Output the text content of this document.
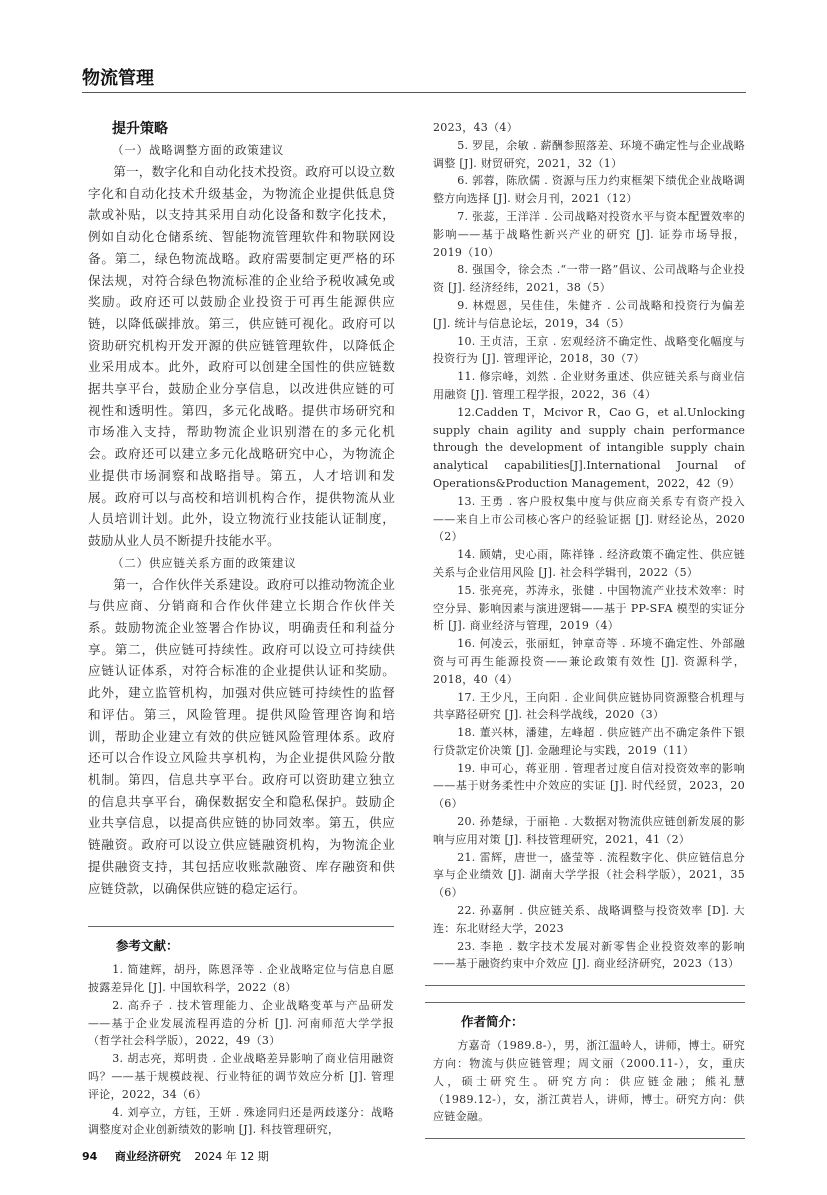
物流管理
提升策略
（一）战略调整方面的政策建议

第一，数字化和自动化技术投资。政府可以设立数字化和自动化技术升级基金，为物流企业提供低息贷款或补贴，以支持其采用自动化设备和数字化技术，例如自动化仓储系统、智能物流管理软件和物联网设备。第二，绿色物流战略。政府需要制定更严格的环保法规，对符合绿色物流标准的企业给予税收减免或奖励。政府还可以鼓励企业投资于可再生能源供应链，以降低碳排放。第三，供应链可视化。政府可以资助研究机构开发开源的供应链管理软件，以降低企业采用成本。此外，政府可以创建全国性的供应链数据共享平台，鼓励企业分享信息，以改进供应链的可视性和透明性。第四，多元化战略。提供市场研究和市场准入支持，帮助物流企业识别潜在的多元化机会。政府还可以建立多元化战略研究中心，为物流企业提供市场洞察和战略指导。第五，人才培训和发展。政府可以与高校和培训机构合作，提供物流从业人员培训计划。此外，设立物流行业技能认证制度，鼓励从业人员不断提升技能水平。

（二）供应链关系方面的政策建议

第一，合作伙伴关系建设。政府可以推动物流企业与供应商、分销商和合作伙伴建立长期合作伙伴关系。鼓励物流企业签署合作协议，明确责任和利益分享。第二，供应链可持续性。政府可以设立可持续供应链认证体系，对符合标准的企业提供认证和奖励。此外，建立监管机构，加强对供应链可持续性的监督和评估。第三，风险管理。提供风险管理咨询和培训，帮助企业建立有效的供应链风险管理体系。政府还可以合作设立风险共享机构，为企业提供风险分散机制。第四，信息共享平台。政府可以资助建立独立的信息共享平台，确保数据安全和隐私保护。鼓励企业共享信息，以提高供应链的协同效率。第五，供应链融资。政府可以设立供应链融资机构，为物流企业提供融资支持，其包括应收账款融资、库存融资和供应链贷款，以确保供应链的稳定运行。

参考文献：

1. 简建辉，胡丹，陈恩泽等 . 企业战略定位与信息自愿披露差异化 [J]. 中国软科学，2022（8）

2. 高乔子 . 技术管理能力、企业战略变革与产品研发——基于企业发展流程再造的分析 [J]. 河南师范大学学报（哲学社会科学版），2022，49（3）

3. 胡志亮，郑明贵 . 企业战略差异影响了商业信用融资吗？——基于规模歧视、行业特征的调节效应分析 [J]. 管理评论，2022，34（6）

4. 刘亭立，方钰，王妍 . 殊途同归还是两歧遂分：战略调整度对企业创新绩效的影响 [J]. 科技管理研究，

2023，43（4）

5. 罗昆，余敏 . 薪酬参照落差、环境不确定性与企业战略调整 [J]. 财贸研究，2021，32（1）

6. 郭蓉，陈欣儒 . 资源与压力约束框架下绩优企业战略调整方向选择 [J]. 财会月刊，2021（12）

7. 张蕊，王洋洋 . 公司战略对投资水平与资本配置效率的影响——基于战略性新兴产业的研究 [J]. 证券市场导报，2019（10）

8. 强国令，徐会杰 .“一带一路”倡议、公司战略与企业投资 [J]. 经济经纬，2021，38（5）

9. 林煜恩，吴佳佳，朱健齐 . 公司战略和投资行为偏差 [J]. 统计与信息论坛，2019，34（5）

10. 王贞洁，王京 . 宏观经济不确定性、战略变化幅度与投资行为 [J]. 管理评论，2018，30（7）

11. 修宗峰，刘然 . 企业财务重述、供应链关系与商业信用融资 [J]. 管理工程学报，2022，36（4）

12.Cadden T，Mcivor R，Cao G，et al.Unlocking supply chain agility and supply chain performance through the development of intangible supply chain analytical capabilities[J].International Journal of Operations&Production Management，2022，42（9）

13. 王勇 . 客户股权集中度与供应商关系专有资产投入——来自上市公司核心客户的经验证据 [J]. 财经论丛，2020（2）

14. 顾婧，史心雨，陈祥锋 . 经济政策不确定性、供应链关系与企业信用风险 [J]. 社会科学辑刊，2022（5）

15. 张亮亮，苏涛永，张健 . 中国物流产业技术效率：时空分异、影响因素与演进逻辑——基于 PP-SFA 模型的实证分析 [J]. 商业经济与管理，2019（4）

16. 何凌云，张丽虹，钟章奇等 . 环境不确定性、外部融资与可再生能源投资——兼论政策有效性 [J]. 资源科学，2018，40（4）

17. 王少凡，王向阳 . 企业间供应链协同资源整合机理与共享路径研究 [J]. 社会科学战线，2020（3）

18. 董兴林，潘建，左峰超 . 供应链产出不确定条件下银行贷款定价决策 [J]. 金融理论与实践，2019（11）

19. 申可心，蒋亚朋 . 管理者过度自信对投资效率的影响——基于财务柔性中介效应的实证 [J]. 时代经贸，2023，20（6）

20. 孙楚绿，于丽艳 . 大数据对物流供应链创新发展的影响与应用对策 [J]. 科技管理研究，2021，41（2）

21. 雷辉，唐世一，盛莹等 . 流程数字化、供应链信息分享与企业绩效 [J]. 湖南大学学报（社会科学版），2021，35（6）

22. 孙嘉舸 . 供应链关系、战略调整与投资效率 [D]. 大连：东北财经大学，2023

23. 李艳 . 数字技术发展对新零售企业投资效率的影响——基于融资约束中介效应 [J]. 商业经济研究，2023（13）

作者简介：

方嘉奇（1989.8-），男，浙江温岭人，讲师，博士。研究方向：物流与供应链管理；周文丽（2000.11-），女，重庆人，硕士研究生。研究方向：供应链金融；熊礼慧（1989.12-），女，浙江黄岩人，讲师，博士。研究方向：供应链金融。

94 商业经济研究 2024 年 12 期
